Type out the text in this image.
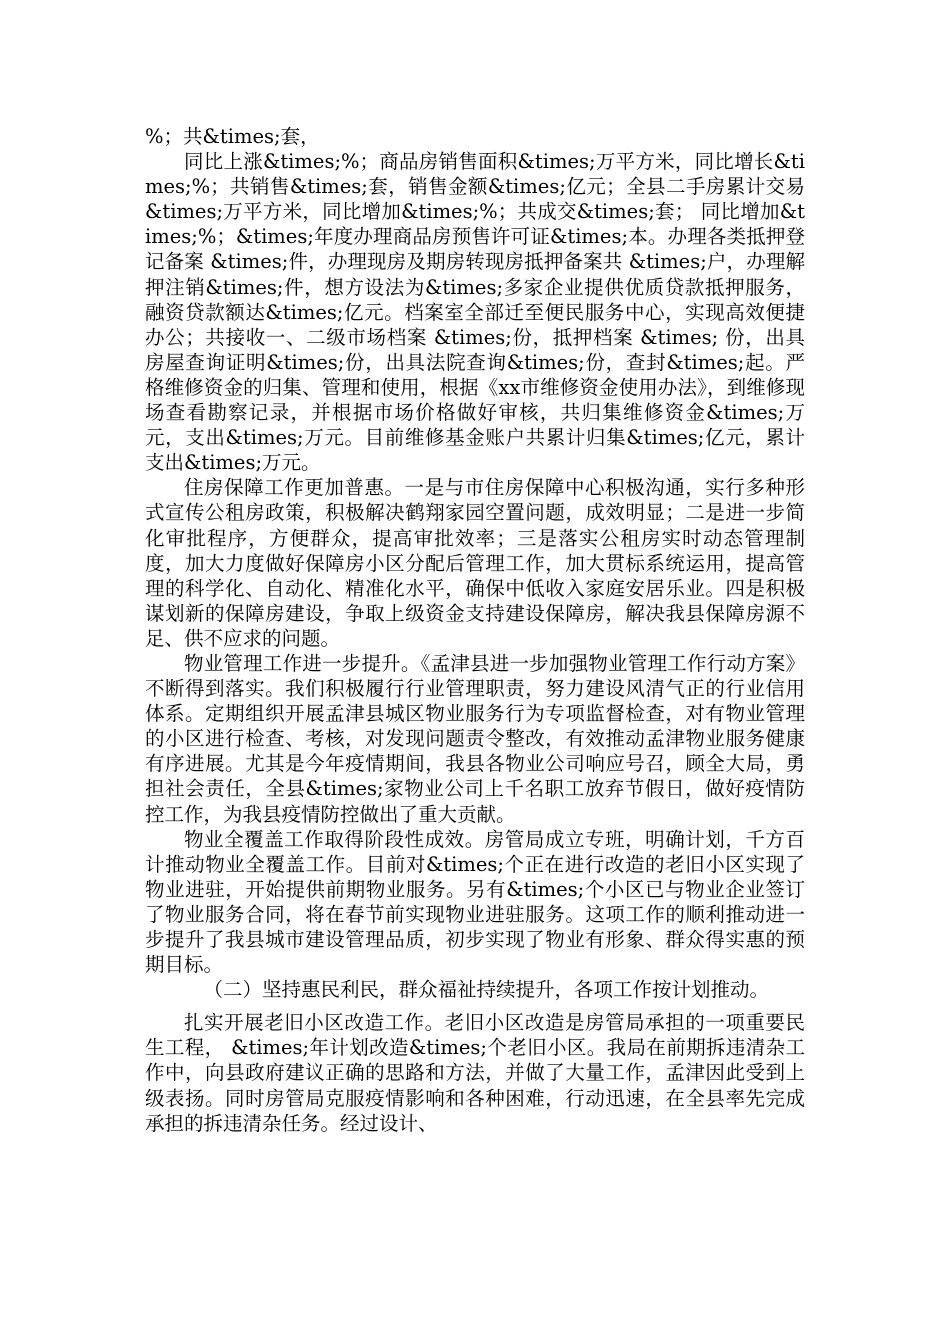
%；共&times;套，

同比上涨&times;%；商品房销售面积&times;万平方米，同比增长&times;%；共销售&times;套，销售金额&times;亿元；全县二手房累计交易&times;万平方米，同比增加&times;%；共成交&times;套； 同比增加&times;%；&times;年度办理商品房预售许可证&times;本。办理各类抵押登记备案 &times;件，办理现房及期房转现房抵押备案共 &times;户，办理解押注销&times;件，想方设法为&times;多家企业提供优质贷款抵押服务，融资贷款额达&times;亿元。档案室全部迁至便民服务中心，实现高效便捷办公；共接收一、二级市场档案 &times;份，抵押档案 &times; 份，出具房屋查询证明&times;份，出具法院查询&times;份，查封&times;起。严格维修资金的归集、管理和使用，根据《xx市维修资金使用办法》，到维修现场查看勘察记录，并根据市场价格做好审核，共归集维修资金&times;万元，支出&times;万元。目前维修基金账户共累计归集&times;亿元，累计支出&times;万元。

住房保障工作更加普惠。一是与市住房保障中心积极沟通，实行多种形式宣传公租房政策，积极解决鹤翔家园空置问题，成效明显；二是进一步简化审批程序，方便群众，提高审批效率；三是落实公租房实时动态管理制度，加大力度做好保障房小区分配后管理工作，加大贯标系统运用，提高管理的科学化、自动化、精准化水平，确保中低收入家庭安居乐业。四是积极谋划新的保障房建设，争取上级资金支持建设保障房，解决我县保障房源不足、供不应求的问题。

物业管理工作进一步提升。《孟津县进一步加强物业管理工作行动方案》不断得到落实。我们积极履行行业管理职责，努力建设风清气正的行业信用体系。定期组织开展孟津县城区物业服务行为专项监督检查，对有物业管理的小区进行检查、考核，对发现问题责令整改，有效推动孟津物业服务健康有序进展。尤其是今年疫情期间，我县各物业公司响应号召，顾全大局，勇担社会责任，全县&times;家物业公司上千名职工放弃节假日，做好疫情防控工作，为我县疫情防控做出了重大贡献。

物业全覆盖工作取得阶段性成效。房管局成立专班，明确计划，千方百计推动物业全覆盖工作。目前对&times;个正在进行改造的老旧小区实现了物业进驻，开始提供前期物业服务。另有&times;个小区已与物业企业签订了物业服务合同，将在春节前实现物业进驻服务。这项工作的顺利推动进一步提升了我县城市建设管理品质，初步实现了物业有形象、群众得实惠的预期目标。

（二）坚持惠民利民，群众福祉持续提升，各项工作按计划推动。

扎实开展老旧小区改造工作。老旧小区改造是房管局承担的一项重要民生工程， &times;年计划改造&times;个老旧小区。我局在前期拆违清杂工作中，向县政府建议正确的思路和方法，并做了大量工作，孟津因此受到上级表扬。同时房管局克服疫情影响和各种困难，行动迅速，在全县率先完成承担的拆违清杂任务。经过设计、
